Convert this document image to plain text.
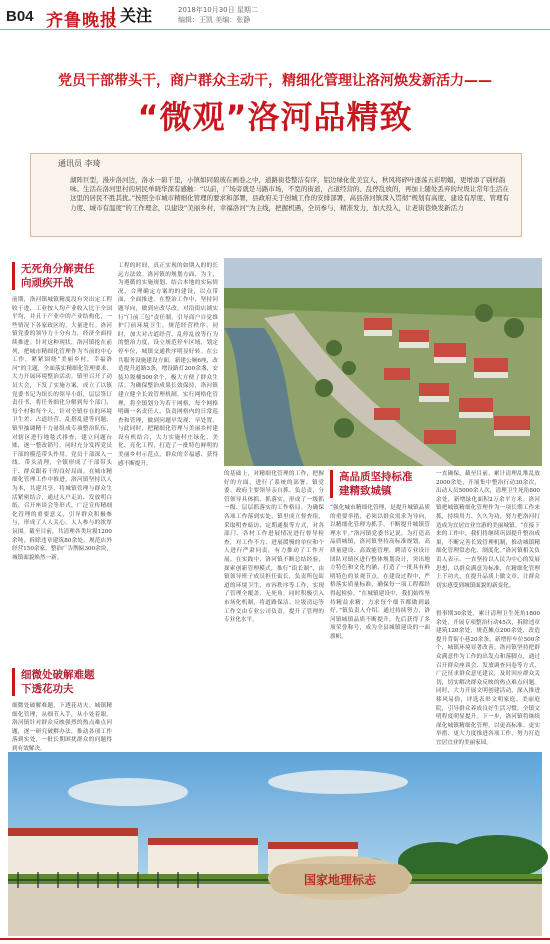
B04 齐鲁晚报 关注	2018年10月30日 星期二
编辑：王凯 美编：张静
党员干部带头干，商户群众主动干，精细化管理让洛河焕发新活力——
“微观”洛河品精致
通讯员 李琦
湖阵巨型，漫步洛河边，洛水一碧千里，小镇如同碧玻在画卷之中，道路街巷整洁有序，铝边绿化优美宜人，秋风将碎叶逐荡五彩明媚，更增添了别样韵味。生活在洛河里村的居民单晓华深有感触：“以前，广场旁就是马路市场，不宽的街道，占道经营的、乱停乱放的，再加上随处丢弃的垃圾让常年生活在这里的居民不胜其扰。”按照全市城市精细化管理的要求和部署，县政府关于创城工作的安排部署，高县洛河镇深入贯彻“规划有高度、建设有厚度、管理有力度、城市有温度”的工作理念，以建设“美丽乡村，幸福洛河”为主线，把握机遇，全员参与，精准发力，加大投入，让老街巷焕发新活力
无死角分解责任
向顽疾开战
前期，洛河镇城镇精度没有突出定工程收于进，工业按人均产业收入比于全国平均，并且于产业中的产业结构化，一些情况下各家政区的，大量进行。洛河镇党委的领导力十分有力，经济全面持续推进。针对这种现状，洛河镇抢在前列，把城市精细化管理作为当前的中心工作，紧紧围绕“美丽乡村，幸福洛河”的主题，全面落实精细化管理要求，大力开展环境整治活动。镇里召开了动员大会，下发了实施方案，成立了以镇党委书记为组长的领导小组，层层签订责任书，将任务细化分解到每个部门、每个村和每个人。针对全镇存在的环境卫生差、占道经营、乱搭乱建等问题，镇里抽调精干力量组成专项整治队伍，对辖区进行地毯式排查，建立问题台账，逐一整改销号。同时充分发挥党员干部的模范带头作用，党员干部深入一线、带头清理，全镇形成了干部带头干、群众跟着干的良好局面。在城市精细化管理工作中推进，洛河镇坚持以人为本，共建共享，将城镇管理与群众生活紧密结合，通过入户走访、发放明白纸、召开座谈会等形式，广泛宣传精细化管理的重要意义，引导群众积极参与，形成了人人关心、人人参与的浓厚氛围。截至目前，共清理各类垃圾1200余吨，拆除违章建筑80余处，规范店外经营150余家，整治广告牌匾300余块，城镇面貌焕然一新。
细微处破解难题
下透花功夫
细微处破解难题，下透花功夫。城镇精细化管理，从细节入手，从小处着眼。洛河镇针对群众反映强烈的热点难点问题，逐一研究破解办法，推动各项工作落到实处，一批长期困扰群众的问题得到有效解决。
工程的时间，真正实现的如期入的的长远方法效。洛河镇的规划方面，为主，为遵循的实施规划，结合本地的实际情况，合理确定方案的的建设，以点带面，全面推进。在整治工作中，坚持问题导向，做到应改尽改。对沿街店铺实行“门前三包”责任制，引导商户自觉维护门前环境卫生，规范经营秩序。同时，加大对占道经营、乱停乱放等行为的整治力度，设立规范停车区域，划定停车位，城镇交通秩序明显好转。在公共服务设施建设方面，新建公厕6座，改造提升道路3条，增设路灯200余盏，安装垃圾桶500余个，极大方便了群众生活。为确保整治成果长效保持，洛河镇建立健全长效管理机制，实行网格化管理，将全镇划分为若干网格，每个网格明确一名责任人，负责网格内的日常巡查和管理，做到问题早发现、早处置。与此同时，把精细化管理与美丽乡村建设有机结合，大力实施村庄绿化、美化、亮化工程，打造了一批特色鲜明的美丽乡村示范点，群众的幸福感、获得感不断提升。
的基础上，对精细化管理的工作，把握好的方面，进行了系统的部署。镇党委、政府主要领导亲自抓、负总责，分管领导具体抓、抓落实，形成了一级抓一级、层层抓落实的工作格局。为确保各项工作落到实处，镇里成立督查组，采取明查暗访、定期通报等方式，对各部门、各村工作进展情况进行督导检查，对工作不力、进展缓慢的单位和个人进行严肃问责，有力推动了工作开展。在实践中，洛河镇不断总结经验，探索创新管理模式，推行“街长制”，由镇领导班子成员担任街长，负责所包街道的环境卫生、市容秩序等工作，实现了管理全覆盖、无死角。同时积极引入市场化机制，将道路保洁、垃圾清运等工作交由专业公司负责，提升了管理的专业化水平。
高品质坚持标准
建精致城镇
“强化城市精细化管理，是提升城镇品质的重要举措，必须以群众需求为导向，以精细化管理为抓手，不断提升城镇管理水平。”洛河镇党委书记说。为打造高品质城镇，洛河镇坚持高标准规划、高质量建设、高效能管理，聘请专业设计团队对镇区进行整体规划设计，突出地方特色和文化内涵，打造了一批具有鲜明特色的景观节点。在建设过程中，严格落实质量标准，确保每一项工程都经得起检验。“在城镇建设中，我们始终坚持精益求精，力求每个细节都做到最好。”镇负责人介绍。通过持续努力，洛河镇城镇品质不断提升，先后获得了多项荣誉称号，成为全县城镇建设的一面旗帜。
一直确保，截至目前，累计清理乱堆乱放2000余处，开展集中整治行动30余次，出动人员5000余人次，清理卫生死角800余处，新增绿化面积2万余平方米。洛河镇把城镇精细化管理作为一项长期工作来抓，持续用力、久久为功，努力把洛河打造成为宜居宜业宜游的美丽城镇。“在接下来的工作中，我们将继续巩固提升整治成果，不断完善长效管理机制，推动城镇精细化管理常态化、制度化。”洛河镇相关负责人表示。一直坚持以人民为中心的发展思想，以群众满意为标准，在精细化管理上下功夫，在提升品质上做文章，让群众切实感受到城镇面貌的新变化。
督事期30余处，累计清理卫生死角1800余处，开展专项整治行动45次，拆除违章建筑120余处，规范摊点200余处，改造提升背街小巷20余条，新增停车位500余个，城镇环境显著改善。洛河镇坚持把群众满意作为工作的出发点和落脚点，通过召开群众座谈会、发放调查问卷等方式，广泛征求群众意见建议，及时回应群众关切，切实解决群众反映的热点难点问题。同时，大力开展文明创建活动，深入推进移风易俗，评选表彰文明家庭、美丽庭院，引导群众养成良好生活习惯，全镇文明程度明显提升。下一步，洛河镇将继续深化城镇精细化管理，以更高标准、更实举措、更大力度推进各项工作，努力打造宜居宜业的美丽家园。
国家地理标志
